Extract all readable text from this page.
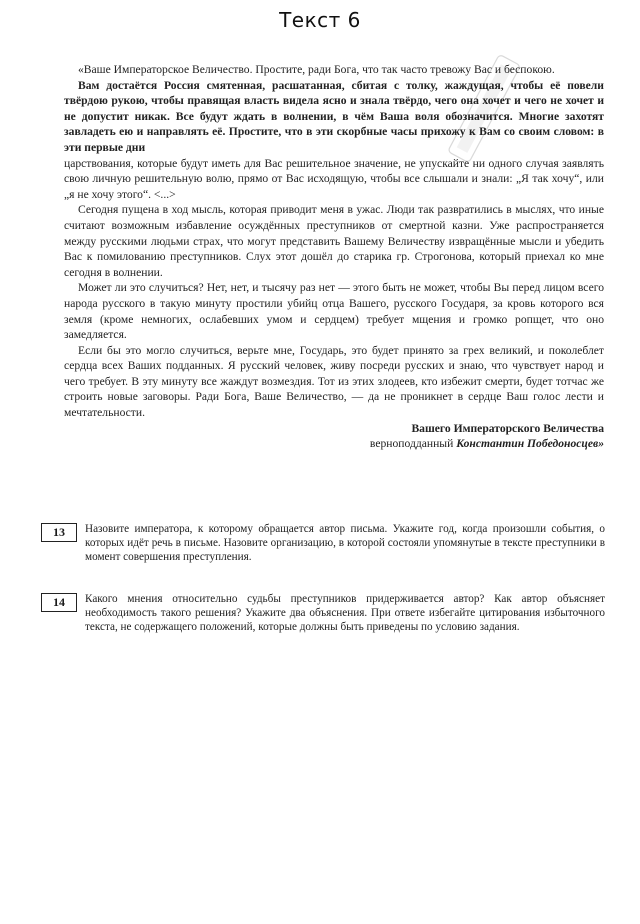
Текст 6

«Ваше Императорское Величество. Простите, ради Бога, что так часто тревожу Вас и беспокою.

Вам достаётся Россия смятенная, расшатанная, сбитая с толку, жаждущая, чтобы её повели твёрдою рукою, чтобы правящая власть видела ясно и знала твёрдо, чего она хочет и чего не хочет и не допустит никак. Все будут ждать в волнении, в чём Ваша воля обозначится. Многие захотят завладеть ею и направлять её. Простите, что в эти скорбные часы прихожу к Вам со своим словом: в эти первые дни

царствования, которые будут иметь для Вас решительное значение, не упускайте ни одного случая заявлять свою личную решительную волю, прямо от Вас исходящую, чтобы все слышали и знали: „Я так хочу“, или „я не хочу этого“. <...>

Сегодня пущена в ход мысль, которая приводит меня в ужас. Люди так развратились в мыслях, что иные считают возможным избавление осуждённых преступников от смертной казни. Уже распространяется между русскими людьми страх, что могут представить Вашему Величеству извращённые мысли и убедить Вас к помилованию преступников. Слух этот дошёл до старика гр. Строгонова, который приехал ко мне сегодня в волнении.

Может ли это случиться? Нет, нет, и тысячу раз нет — этого быть не может, чтобы Вы перед лицом всего народа русского в такую минуту простили убийц отца Вашего, русского Государя, за кровь которого вся земля (кроме немногих, ослабевших умом и сердцем) требует мщения и громко ропщет, что оно замедляется.

Если бы это могло случиться, верьте мне, Государь, это будет принято за грех великий, и поколеблет сердца всех Ваших подданных. Я русский человек, живу посреди русских и знаю, что чувствует народ и чего требует. В эту минуту все жаждут возмездия. Тот из этих злодеев, кто избежит смерти, будет тотчас же строить новые заговоры. Ради Бога, Ваше Величество, — да не проникнет в сердце Ваш голос лести и мечтательности.

Вашего Императорского Величества
верноподданный Константин Победоносцев»
13	Назовите императора, к которому обращается автор письма. Укажите год, когда произошли события, о которых идёт речь в письме. Назовите организацию, в которой состояли упомянутые в тексте преступники в момент совершения преступления.
14	Какого мнения относительно судьбы преступников придерживается автор? Как автор объясняет необходимость такого решения? Укажите два объяснения. При ответе избегайте цитирования избыточного текста, не содержащего положений, которые должны быть приведены по условию задания.
